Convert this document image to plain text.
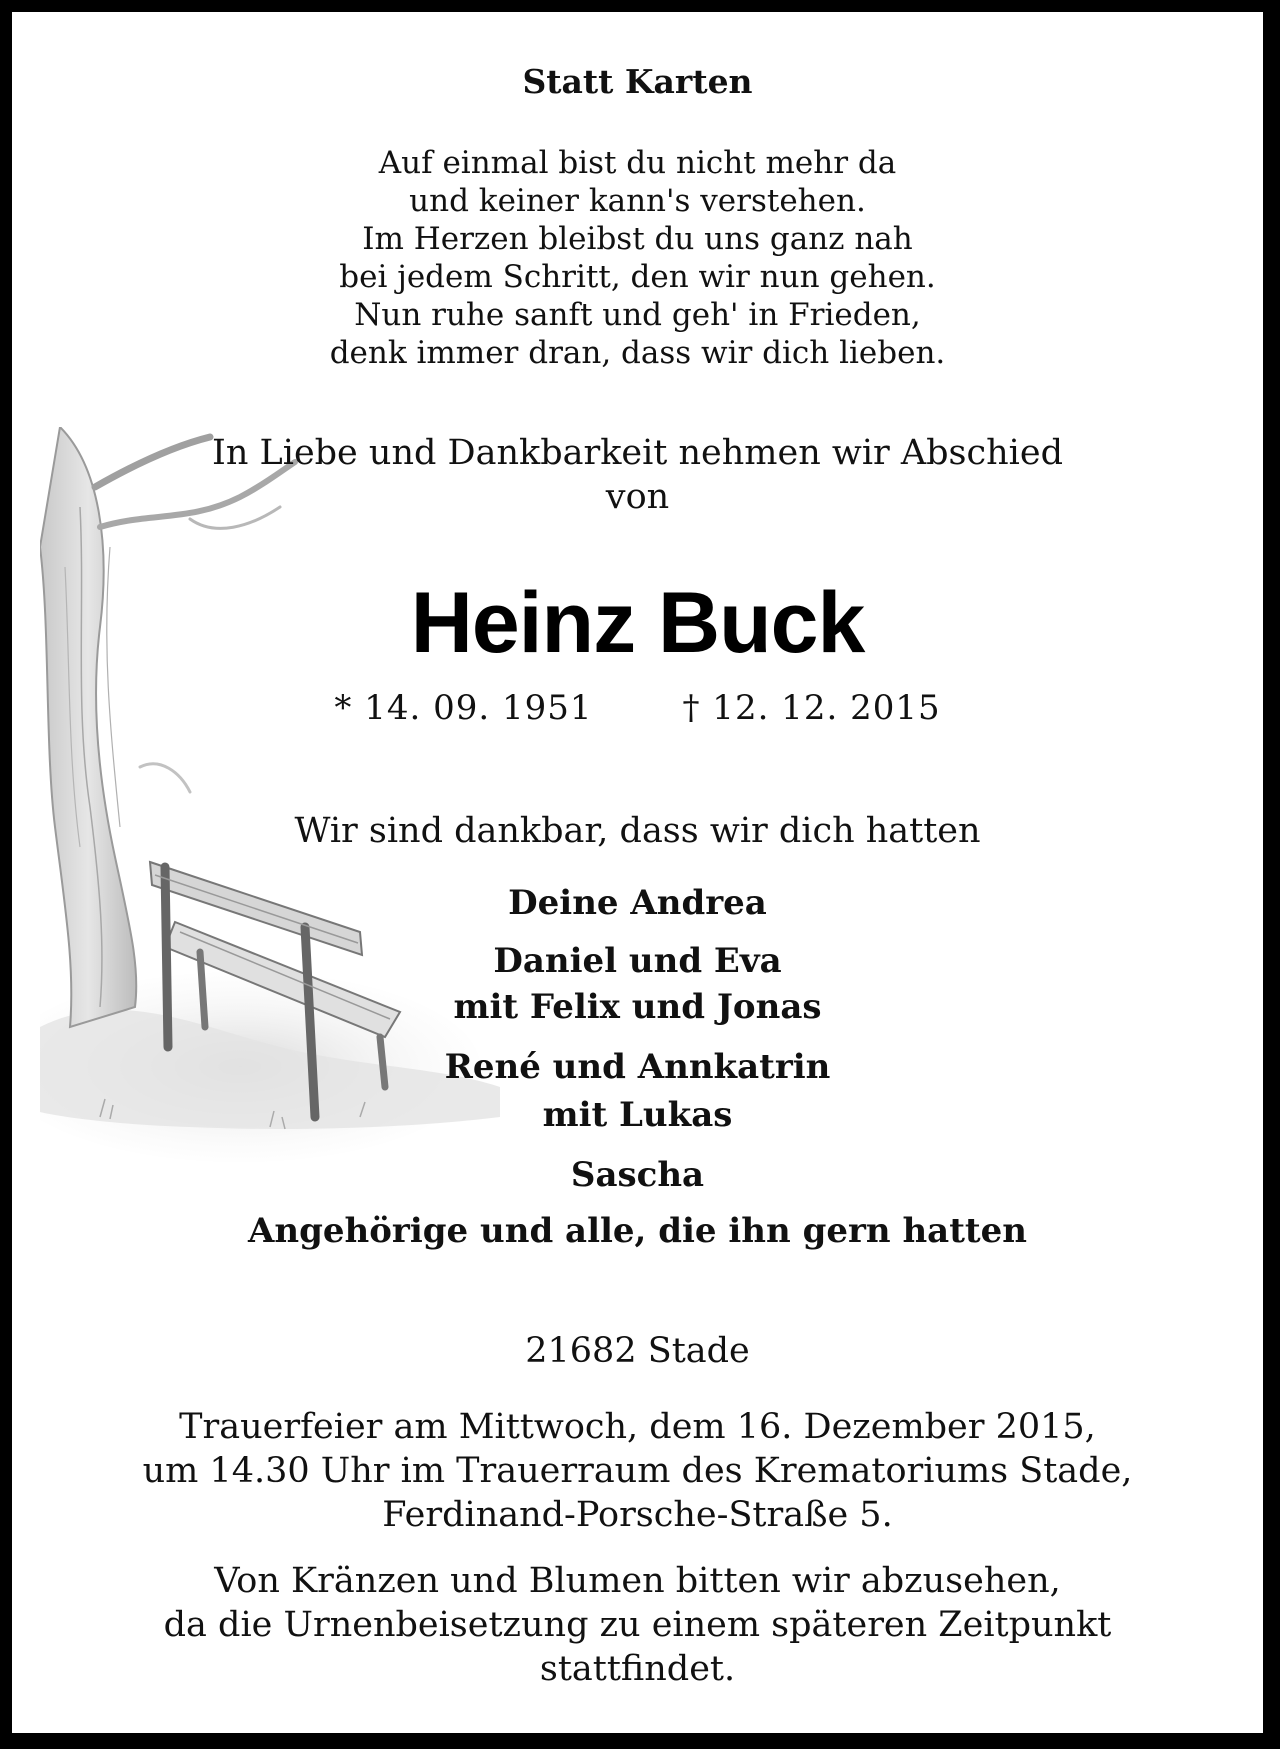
Statt Karten
Auf einmal bist du nicht mehr da
und keiner kann's verstehen.
Im Herzen bleibst du uns ganz nah
bei jedem Schritt, den wir nun gehen.
Nun ruhe sanft und geh' in Frieden,
denk immer dran, dass wir dich lieben.
In Liebe und Dankbarkeit nehmen wir Abschied
von
Heinz Buck
* 14. 09. 1951	† 12. 12. 2015
Wir sind dankbar, dass wir dich hatten
Deine Andrea
Daniel und Eva
mit Felix und Jonas
René und Annkatrin
mit Lukas
Sascha
Angehörige und alle, die ihn gern hatten
21682 Stade
Trauerfeier am Mittwoch, dem 16. Dezember 2015,
um 14.30 Uhr im Trauerraum des Krematoriums Stade,
Ferdinand-Porsche-Straße 5.
Von Kränzen und Blumen bitten wir abzusehen,
da die Urnenbeisetzung zu einem späteren Zeitpunkt
stattfindet.
